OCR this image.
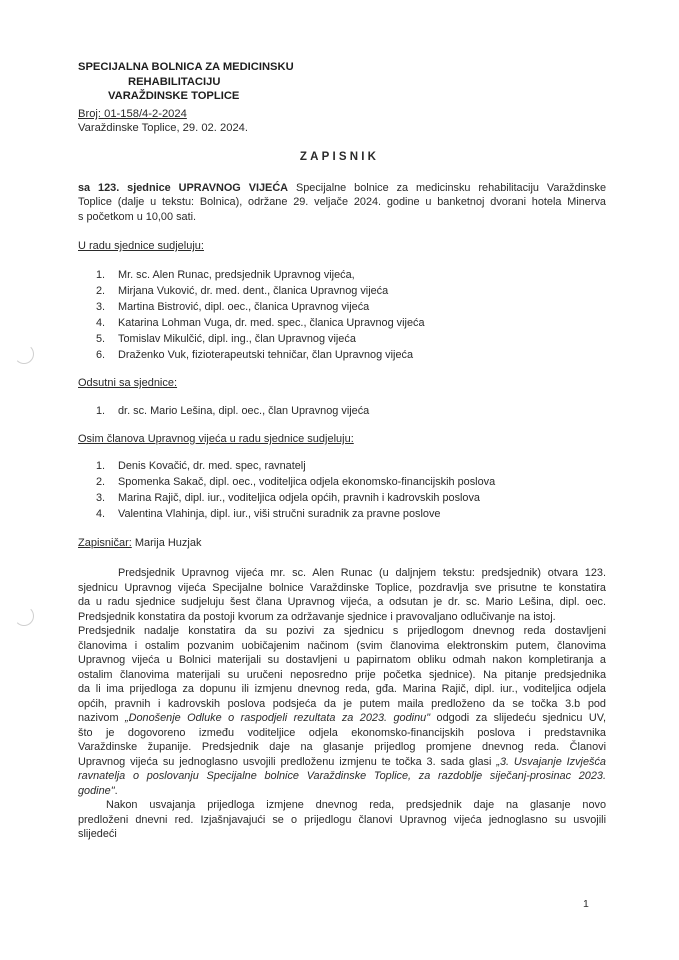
SPECIJALNA BOLNICA ZA MEDICINSKU
REHABILITACIJU
VARAŽDINSKE TOPLICE
Broj: 01-158/4-2-2024
Varaždinske Toplice, 29. 02. 2024.
ZAPISNIK
sa 123. sjednice UPRAVNOG VIJEĆA Specijalne bolnice za medicinsku rehabilitaciju Varaždinske
Toplice (dalje u tekstu: Bolnica), održane 29. veljače 2024. godine u banketnoj dvorani hotela Minerva
s početkom u 10,00 sati.
U radu sjednice sudjeluju:
1. Mr. sc. Alen Runac, predsjednik Upravnog vijeća,
2. Mirjana Vuković, dr. med. dent., članica Upravnog vijeća
3. Martina Bistrović, dipl. oec., članica Upravnog vijeća
4. Katarina Lohman Vuga, dr. med. spec., članica Upravnog vijeća
5. Tomislav Mikulčić, dipl. ing., član Upravnog vijeća
6. Draženko Vuk, fizioterapeutski tehničar, član Upravnog vijeća
Odsutni sa sjednice:
1. dr. sc. Mario Lešina, dipl. oec., član Upravnog vijeća
Osim članova Upravnog vijeća u radu sjednice sudjeluju:
1. Denis Kovačić, dr. med. spec, ravnatelj
2. Spomenka Sakač, dipl. oec., voditeljica odjela ekonomsko-financijskih poslova
3. Marina Rajič, dipl. iur., voditeljica odjela općih, pravnih i kadrovskih poslova
4. Valentina Vlahinja, dipl. iur., viši stručni suradnik za pravne poslove
Zapisničar: Marija Huzjak
Predsjednik Upravnog vijeća mr. sc. Alen Runac (u daljnjem tekstu: predsjednik) otvara 123.
sjednicu Upravnog vijeća Specijalne bolnice Varaždinske Toplice, pozdravlja sve prisutne te konstatira
da u radu sjednice sudjeluju šest člana Upravnog vijeća, a odsutan je dr. sc. Mario Lešina, dipl. oec.
Predsjednik konstatira da postoji kvorum za održavanje sjednice i pravovaljano odlučivanje na istoj.
Predsjednik nadalje konstatira da su pozivi za sjednicu s prijedlogom dnevnog reda dostavljeni
članovima i ostalim pozvanim uobičajenim načinom (svim članovima elektronskim putem, članovima
Upravnog vijeća u Bolnici materijali su dostavljeni u papirnatom obliku odmah nakon kompletiranja a
ostalim članovima materijali su uručeni neposredno prije početka sjednice). Na pitanje predsjednika
da li ima prijedloga za dopunu ili izmjenu dnevnog reda, gđa. Marina Rajič, dipl. iur., voditeljica odjela
općih, pravnih i kadrovskih poslova podsjeća da je putem maila predloženo da se točka 3.b pod
nazivom „Donošenje Odluke o raspodjeli rezultata za 2023. godinu" odgodi za slijedeću sjednicu UV,
što je dogovoreno između voditeljice odjela ekonomsko-financijskih poslova i predstavnika
Varaždinske županije. Predsjednik daje na glasanje prijedlog promjene dnevnog reda. Članovi
Upravnog vijeća su jednoglasno usvojili predloženu izmjenu te točka 3. sada glasi „3. Usvajanje Izvješća
ravnatelja o poslovanju Specijalne bolnice Varaždinske Toplice, za razdoblje siječanj-prosinac 2023.
godine".
Nakon usvajanja prijedloga izmjene dnevnog reda, predsjednik daje na glasanje novo
predloženi dnevni red. Izjašnjavajući se o prijedlogu članovi Upravnog vijeća jednoglasno su usvojili
slijedeći
1
